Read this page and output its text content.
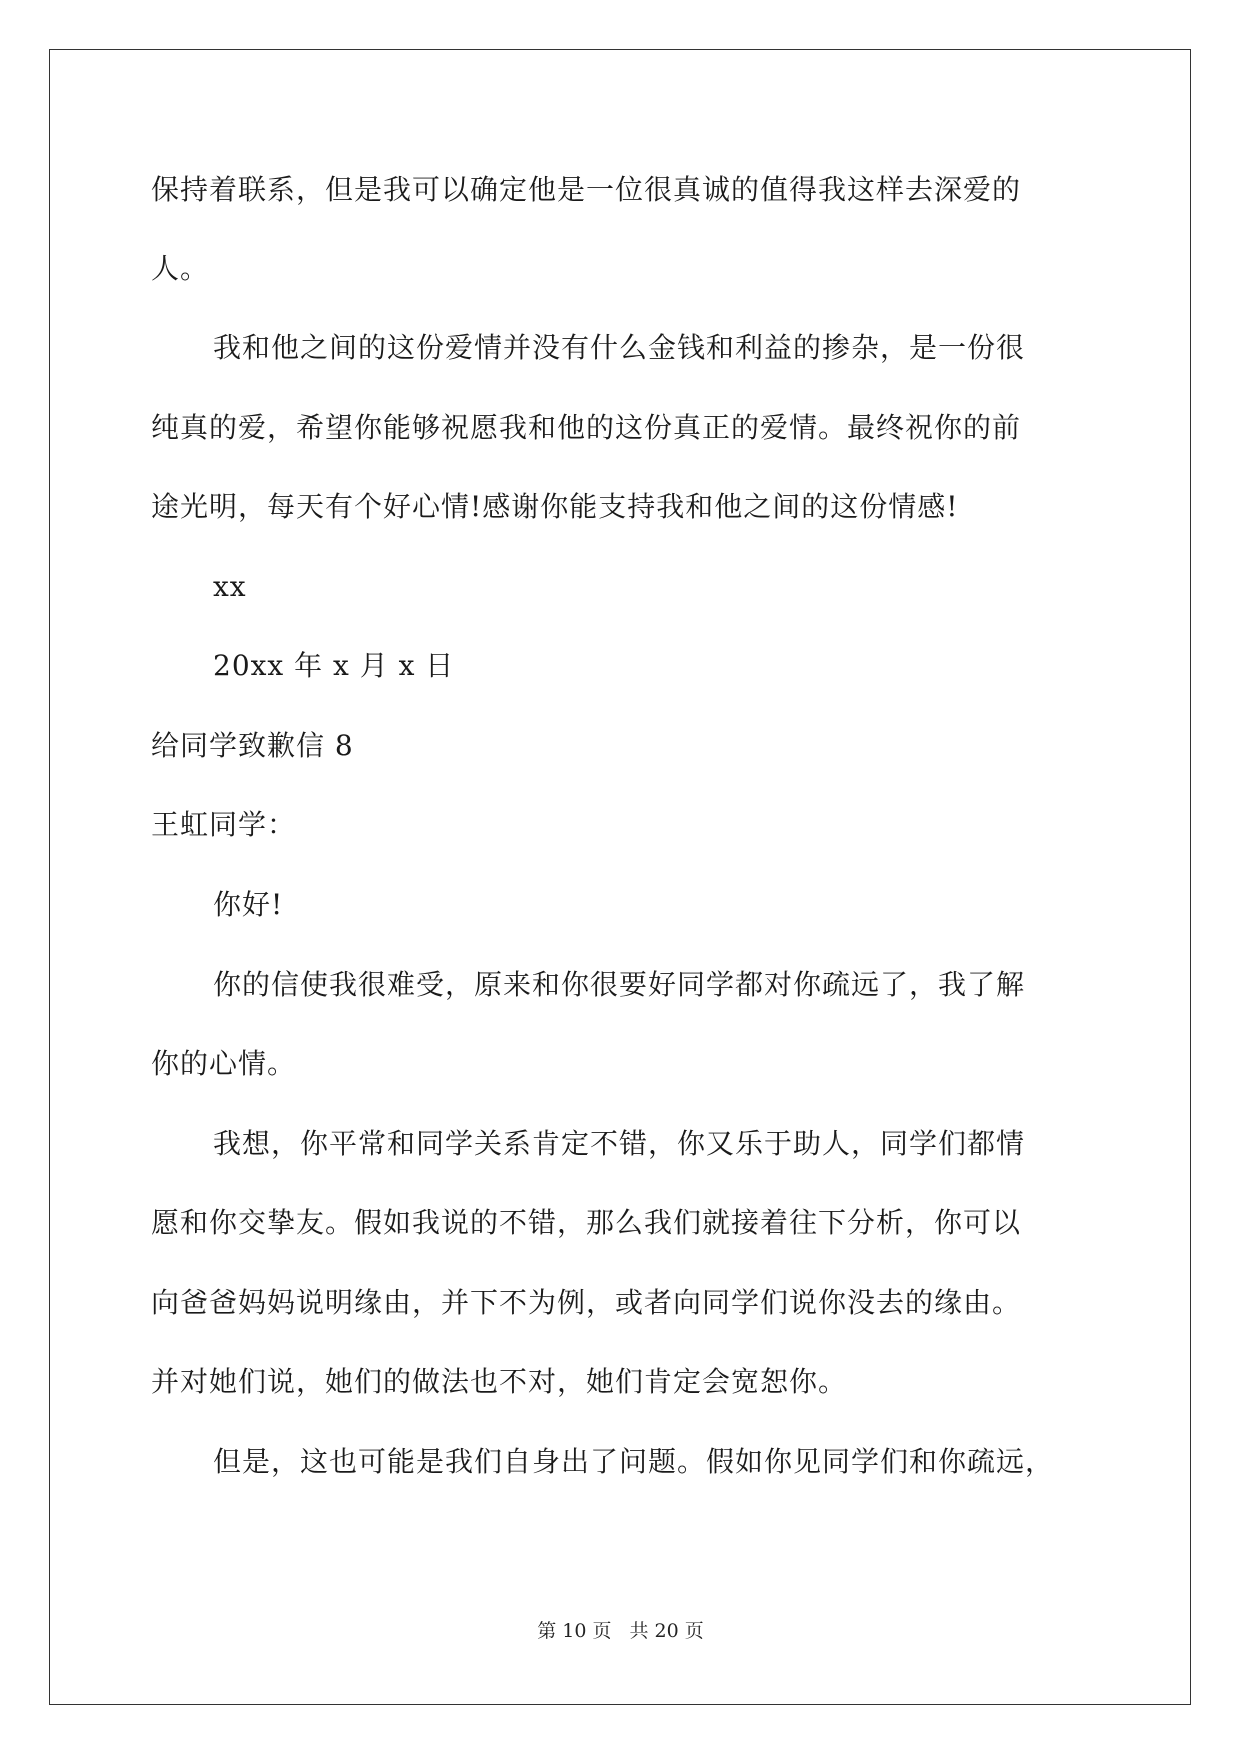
保持着联系，但是我可以确定他是一位很真诚的值得我这样去深爱的
人。
我和他之间的这份爱情并没有什么金钱和利益的掺杂，是一份很
纯真的爱，希望你能够祝愿我和他的这份真正的爱情。最终祝你的前
途光明，每天有个好心情!感谢你能支持我和他之间的这份情感!
xx
20xx 年 x 月 x 日
给同学致歉信 8
王虹同学：
你好!
你的信使我很难受，原来和你很要好同学都对你疏远了，我了解
你的心情。
我想，你平常和同学关系肯定不错，你又乐于助人，同学们都情
愿和你交挚友。假如我说的不错，那么我们就接着往下分析，你可以
向爸爸妈妈说明缘由，并下不为例，或者向同学们说你没去的缘由。
并对她们说，她们的做法也不对，她们肯定会宽恕你。
但是，这也可能是我们自身出了问题。假如你见同学们和你疏远，
第 10 页 共 20 页
